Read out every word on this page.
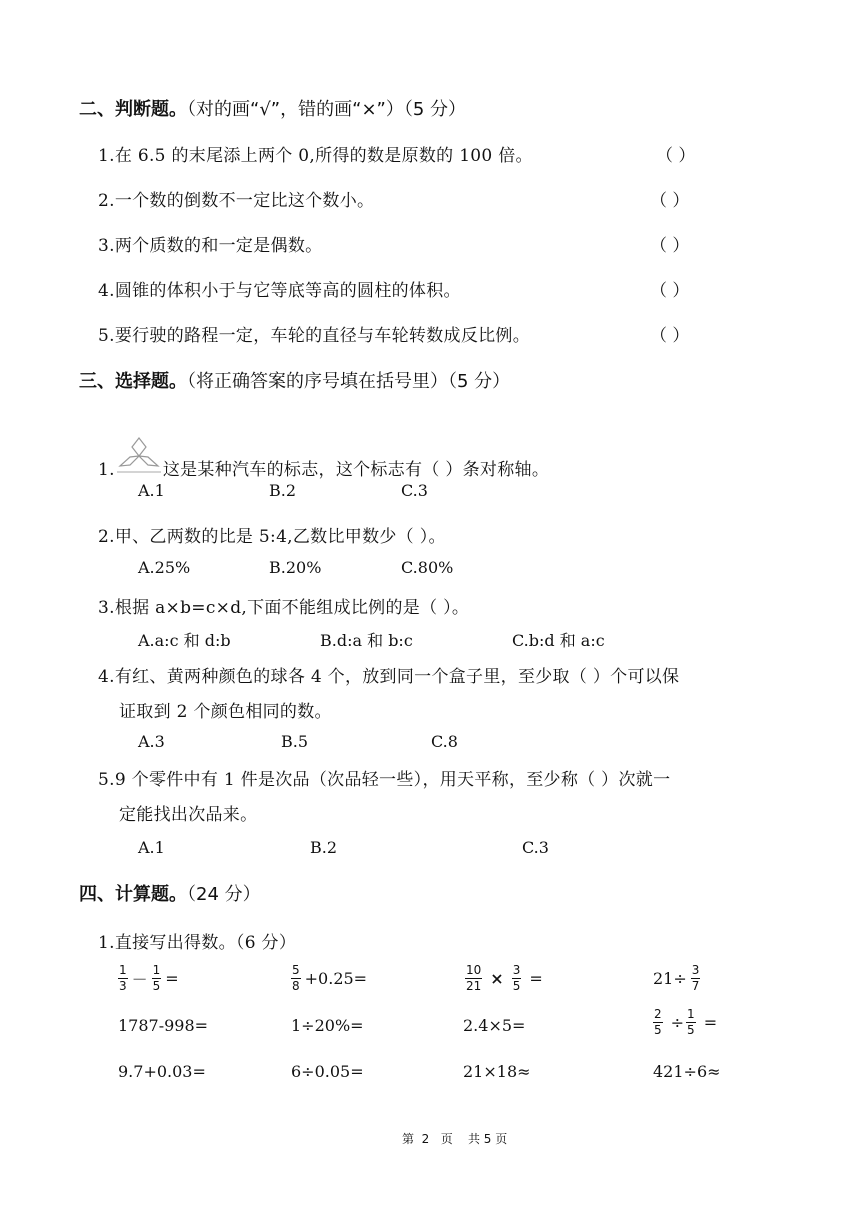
二、判断题。（对的画“√”，错的画“×”）（5 分）
1.在 6.5 的末尾添上两个 0,所得的数是原数的 100 倍。	（ ）
2.一个数的倒数不一定比这个数小。	（ ）
3.两个质数的和一定是偶数。	（ ）
4.圆锥的体积小于与它等底等高的圆柱的体积。	（ ）
5.要行驶的路程一定，车轮的直径与车轮转数成反比例。	（ ）
三、选择题。（将正确答案的序号填在括号里）（5 分）
1.	这是某种汽车的标志，这个标志有（ ）条对称轴。
A.1	B.2	C.3
2.甲、乙两数的比是 5:4,乙数比甲数少（ ）。
A.25%	B.20%	C.80%
3.根据 a×b=c×d,下面不能组成比例的是（ ）。
A.a:c 和 d:b	B.d:a 和 b:c	C.b:d 和 a:c
4.有红、黄两种颜色的球各 4 个，放到同一个盒子里，至少取（ ）个可以保
证取到 2 个颜色相同的数。
A.3	B.5	C.8
5.9 个零件中有 1 件是次品（次品轻一些），用天平称，至少称（ ）次就一
定能找出次品来。
A.1	B.2	C.3
四、计算题。（24 分）
1.直接写出得数。（6 分）
$\frac{1}{3} - \frac{1}{5}$ =	$\frac{5}{8} +0.25=$	$\frac{10}{21} \times \frac{3}{5}$ =	$21\div \frac{3}{7}$
1787-998=	1÷20%=	2.4×5=	$\frac{2}{5} \div \frac{1}{5}$ =
9.7+0.03=	6÷0.05=	21×18≈	421÷6≈
第  2   页    共 5 页
